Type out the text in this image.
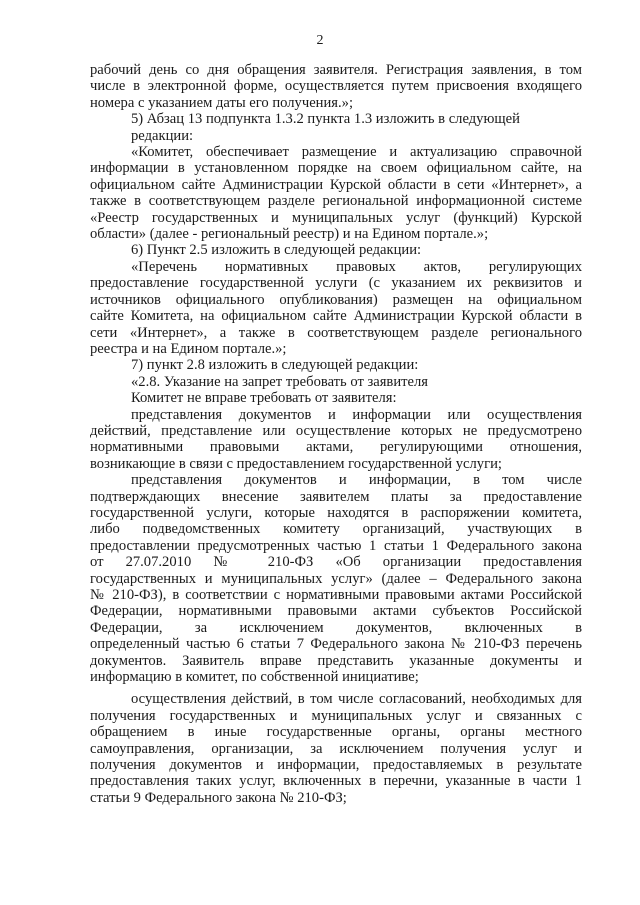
2
рабочий день со дня обращения заявителя. Регистрация заявления, в том
числе в электронной форме, осуществляется путем присвоения входящего
номера с указанием даты его получения.»;
5) Абзац 13 подпункта 1.3.2 пункта 1.3 изложить в следующей
редакции:
«Комитет, обеспечивает размещение и актуализацию справочной
информации в установленном порядке на своем официальном сайте, на
официальном сайте Администрации Курской области в сети «Интернет», а
также в соответствующем разделе региональной информационной системе
«Реестр государственных и муниципальных услуг (функций) Курской
области» (далее - региональный реестр) и на Едином портале.»;
6) Пункт 2.5 изложить в следующей редакции:
«Перечень нормативных правовых актов, регулирующих
предоставление государственной услуги (с указанием их реквизитов и
источников официального опубликования) размещен на официальном
сайте Комитета, на официальном сайте Администрации Курской области в
сети «Интернет», а также в соответствующем разделе регионального
реестра и на Едином портале.»;
7) пункт 2.8 изложить в следующей редакции:
«2.8. Указание на запрет требовать от заявителя
Комитет не вправе требовать от заявителя:
представления документов и информации или осуществления
действий, представление или осуществление которых не предусмотрено
нормативными правовыми актами, регулирующими отношения,
возникающие в связи с предоставлением государственной услуги;
представления документов и информации, в том числе
подтверждающих внесение заявителем платы за предоставление
государственной услуги, которые находятся в распоряжении комитета,
либо подведомственных комитету организаций, участвующих в
предоставлении предусмотренных частью 1 статьи 1 Федерального закона
от 27.07.2010 № 210-ФЗ «Об организации предоставления
государственных и муниципальных услуг» (далее – Федерального закона
№ 210-ФЗ), в соответствии с нормативными правовыми актами Российской
Федерации, нормативными правовыми актами субъектов Российской
Федерации, за исключением документов, включенных в
определенный частью 6 статьи 7 Федерального закона № 210-ФЗ перечень
документов. Заявитель вправе представить указанные документы и
информацию в комитет, по собственной инициативе;
осуществления действий, в том числе согласований, необходимых для
получения государственных и муниципальных услуг и связанных с
обращением в иные государственные органы, органы местного
самоуправления, организации, за исключением получения услуг и
получения документов и информации, предоставляемых в результате
предоставления таких услуг, включенных в перечни, указанные в части 1
статьи 9 Федерального закона № 210-ФЗ;
